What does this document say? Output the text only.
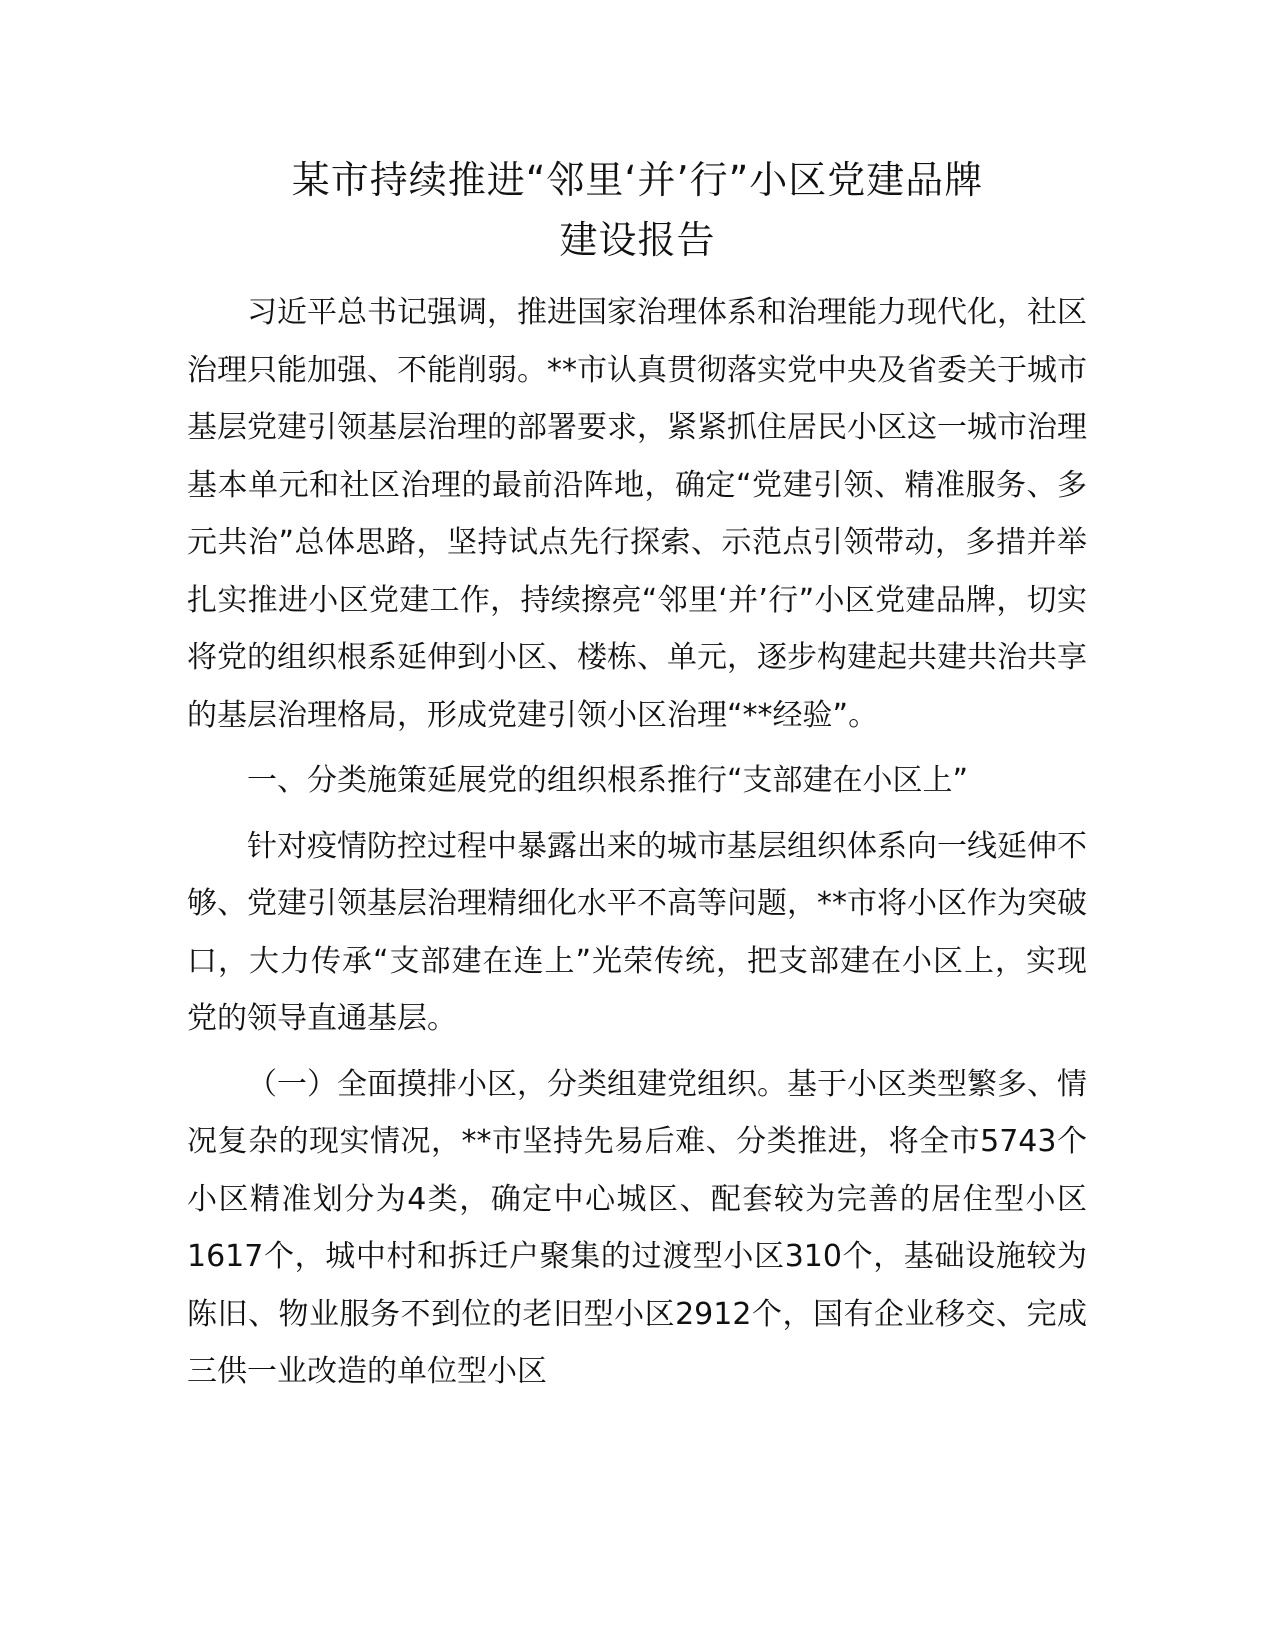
某市持续推进“邻里‘并’行”小区党建品牌
建设报告

习近平总书记强调，推进国家治理体系和治理能力现代化，社区治理只能加强、不能削弱。**市认真贯彻落实党中央及省委关于城市基层党建引领基层治理的部署要求，紧紧抓住居民小区这一城市治理基本单元和社区治理的最前沿阵地，确定“党建引领、精准服务、多元共治”总体思路，坚持试点先行探索、示范点引领带动，多措并举扎实推进小区党建工作，持续擦亮“邻里‘并’行”小区党建品牌，切实将党的组织根系延伸到小区、楼栋、单元，逐步构建起共建共治共享的基层治理格局，形成党建引领小区治理“**经验”。

一、分类施策延展党的组织根系推行“支部建在小区上”

针对疫情防控过程中暴露出来的城市基层组织体系向一线延伸不够、党建引领基层治理精细化水平不高等问题，**市将小区作为突破口，大力传承“支部建在连上”光荣传统，把支部建在小区上，实现党的领导直通基层。

（一）全面摸排小区，分类组建党组织。基于小区类型繁多、情况复杂的现实情况，**市坚持先易后难、分类推进，将全市5743个小区精准划分为4类，确定中心城区、配套较为完善的居住型小区1617个，城中村和拆迁户聚集的过渡型小区310个，基础设施较为陈旧、物业服务不到位的老旧型小区2912个，国有企业移交、完成三供一业改造的单位型小区
